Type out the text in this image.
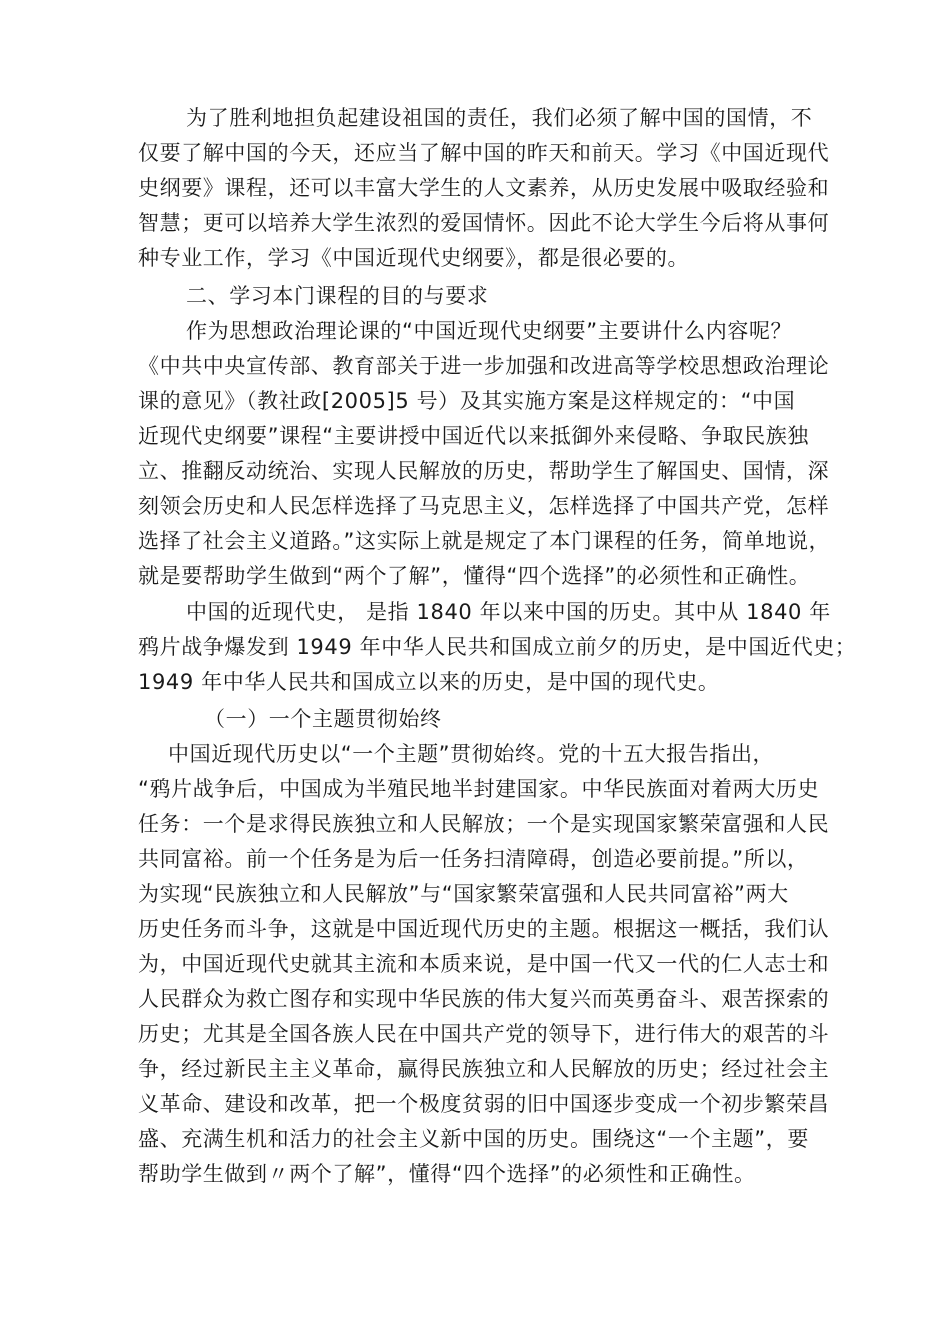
为了胜利地担负起建设祖国的责任，我们必须了解中国的国情，不
仅要了解中国的今天，还应当了解中国的昨天和前天。学习《中国近现代
史纲要》课程，还可以丰富大学生的人文素养，从历史发展中吸取经验和
智慧；更可以培养大学生浓烈的爱国情怀。因此不论大学生今后将从事何
种专业工作，学习《中国近现代史纲要》，都是很必要的。
二、学习本门课程的目的与要求
作为思想政治理论课的“中国近现代史纲要”主要讲什么内容呢？
《中共中央宣传部、教育部关于进一步加强和改进高等学校思想政治理论
课的意见》（教社政[2005]5 号）及其实施方案是这样规定的：“中国
近现代史纲要”课程“主要讲授中国近代以来抵御外来侵略、争取民族独
立、推翻反动统治、实现人民解放的历史，帮助学生了解国史、国情，深
刻领会历史和人民怎样选择了马克思主义，怎样选择了中国共产党，怎样
选择了社会主义道路。”这实际上就是规定了本门课程的任务，简单地说，
就是要帮助学生做到“两个了解”，懂得“四个选择”的必须性和正确性。
中国的近现代史， 是指 1840 年以来中国的历史。其中从 1840 年
鸦片战争爆发到 1949 年中华人民共和国成立前夕的历史，是中国近代史；
1949 年中华人民共和国成立以来的历史，是中国的现代史。
（一）一个主题贯彻始终
中国近现代历史以“一个主题”贯彻始终。党的十五大报告指出，
“鸦片战争后，中国成为半殖民地半封建国家。中华民族面对着两大历史
任务：一个是求得民族独立和人民解放；一个是实现国家繁荣富强和人民
共同富裕。前一个任务是为后一任务扫清障碍，创造必要前提。”所以，
为实现“民族独立和人民解放”与“国家繁荣富强和人民共同富裕”两大
历史任务而斗争，这就是中国近现代历史的主题。根据这一概括，我们认
为，中国近现代史就其主流和本质来说，是中国一代又一代的仁人志士和
人民群众为救亡图存和实现中华民族的伟大复兴而英勇奋斗、艰苦探索的
历史；尤其是全国各族人民在中国共产党的领导下，进行伟大的艰苦的斗
争，经过新民主主义革命，赢得民族独立和人民解放的历史；经过社会主
义革命、建设和改革，把一个极度贫弱的旧中国逐步变成一个初步繁荣昌
盛、充满生机和活力的社会主义新中国的历史。围绕这“一个主题”，要
帮助学生做到〃两个了解”，懂得“四个选择”的必须性和正确性。
